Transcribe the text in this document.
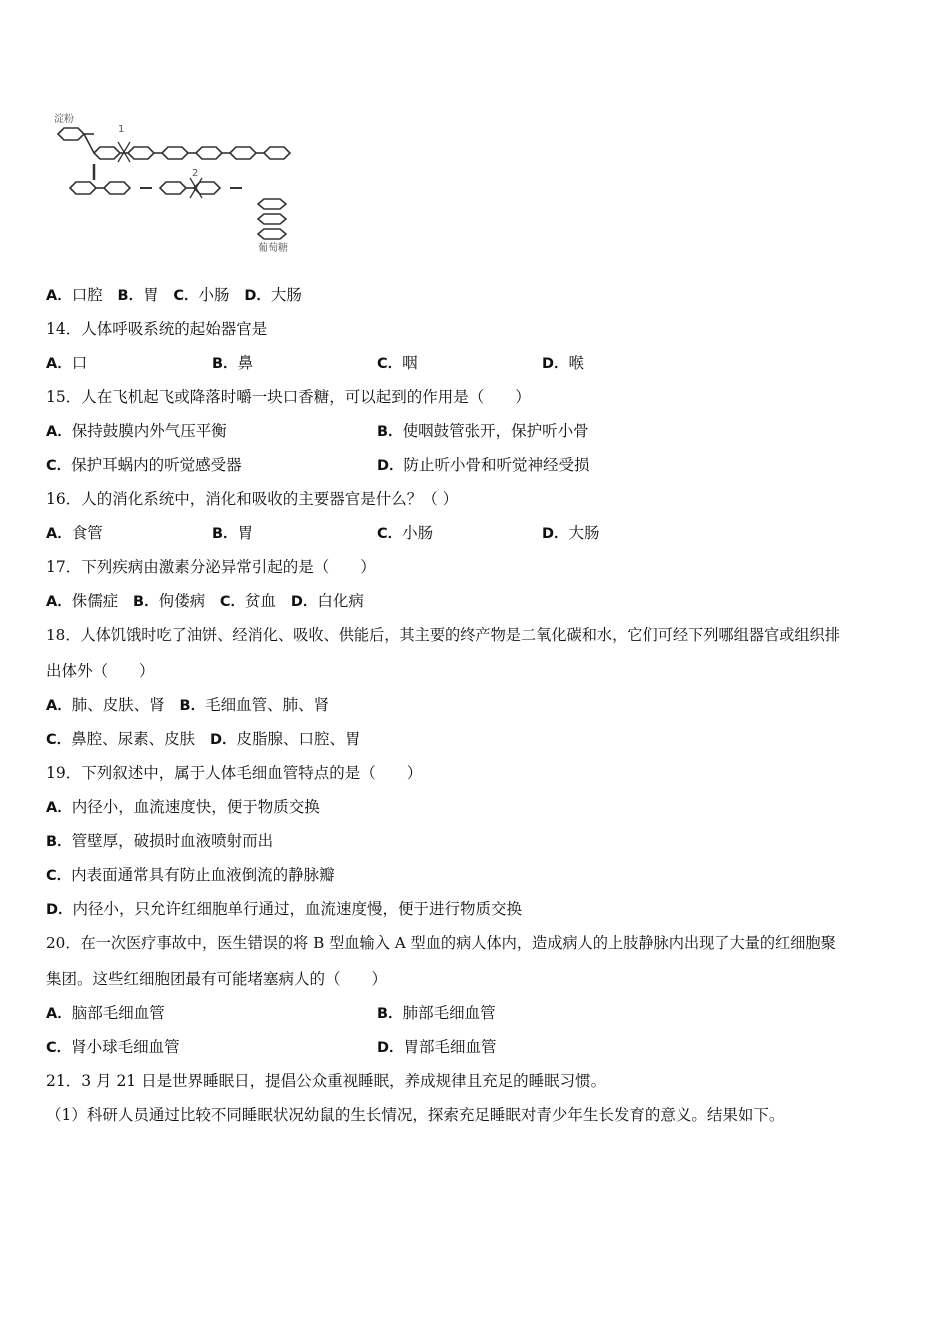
淀粉
1
2
葡萄糖
A．口腔 B．胃 C．小肠 D．大肠
14．人体呼吸系统的起始器官是
A．口	B．鼻	C．咽	D．喉
15．人在飞机起飞或降落时嚼一块口香糖，可以起到的作用是（　　）
A．保持鼓膜内外气压平衡	B．使咽鼓管张开，保护听小骨
C．保护耳蜗内的听觉感受器	D．防止听小骨和听觉神经受损
16．人的消化系统中，消化和吸收的主要器官是什么？（ ）
A．食管	B．胃	C．小肠	D．大肠
17．下列疾病由激素分泌异常引起的是（　　）
A．侏儒症 B．佝偻病 C．贫血 D．白化病
18．人体饥饿时吃了油饼、经消化、吸收、供能后，其主要的终产物是二氧化碳和水，它们可经下列哪组器官或组织排
出体外（　　）
A．肺、皮肤、肾 B．毛细血管、肺、肾
C．鼻腔、尿素、皮肤 D．皮脂腺、口腔、胃
19．下列叙述中，属于人体毛细血管特点的是（　　）
A．内径小，血流速度快，便于物质交换
B．管壁厚，破损时血液喷射而出
C．内表面通常具有防止血液倒流的静脉瓣
D．内径小，只允许红细胞单行通过，血流速度慢，便于进行物质交换
20．在一次医疗事故中，医生错误的将 B 型血输入 A 型血的病人体内，造成病人的上肢静脉内出现了大量的红细胞聚
集团。这些红细胞团最有可能堵塞病人的（　　）
A．脑部毛细血管	B．肺部毛细血管
C．肾小球毛细血管	D．胃部毛细血管
21．3 月 21 日是世界睡眠日，提倡公众重视睡眠，养成规律且充足的睡眠习惯。
（1）科研人员通过比较不同睡眠状况幼鼠的生长情况，探索充足睡眠对青少年生长发育的意义。结果如下。
